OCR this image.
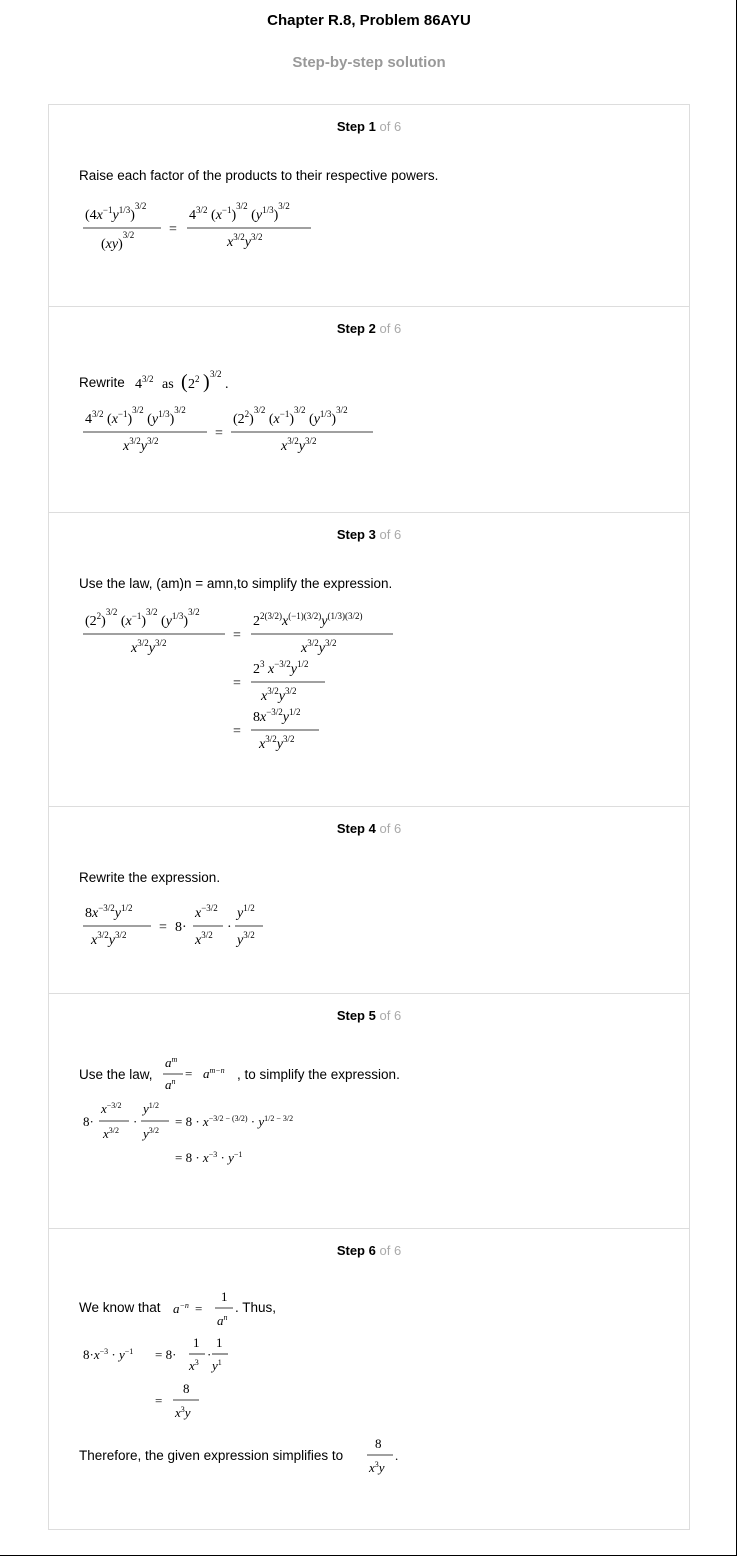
Chapter R.8, Problem 86AYU
Step-by-step solution
Step 1 of 6
Raise each factor of the products to their respective powers.
$(4x^{-1}y^{1/3})^{3/2}$
(xy)$^{3/2}$ =
$4^{3/2}$ $(x^{-1})^{3/2}$ $(y^{1/3})^{3/2}$
$x^{3/2}y^{3/2}$
Step 2 of 6
Rewrite $4^{3/2}$ as ( $2^2$ ) 3/2
.
$4^{3/2}$ $(x^{-1})^{3/2}$ $(y^{1/3})^{3/2}$
$x^{3/2}y^{3/2}$	=
$(2^2)^{3/2}$ $(x^{-1})^{3/2}$ $(y^{1/3})^{3/2}$
$x^{3/2}y^{3/2}$
Step 3 of 6
Use the law, (am)n = amn,to simplify the expression.
$(2^2)^{3/2}$ $(x^{-1})^{3/2}$ $(y^{1/3})^{3/2}$
$x^{3/2}y^{3/2}$	=
$2^{2(3/2)}x^{(-1)(3/2)}y^{(1/3)(3/2)}$
$x^{3/2}y^{3/2}$
=
$2^3$ $x^{-3/2}y^{1/2}$
$x^{3/2}y^{3/2}$
=
$8x^{-3/2}y^{1/2}$
$x^{3/2}y^{3/2}$
Step 4 of 6
Rewrite the expression.
$8x^{-3/2}y^{1/2}$
$x^{3/2}y^{3/2} = 8\cdot$
$x^{-3/2}$
$x^{3/2}$ ·
$y^{1/2}$
$y^{3/2}$
Step 5 of 6
Use the law,
$a^m$
$a^n$
= $a^{m-n}$ , to simplify the expression.
8·
$x^{-3/2}$
$x^{3/2}$
·
$y^{1/2}$
$y^{3/2}$
= $8 \cdot x^{-3/2 - (3/2)} \cdot y^{1/2 - 3/2}$
= $8 \cdot x^{-3} \cdot y^{-1}$
Step 6 of 6
We know that $a^{-n}$ =
1
$a^n$
. Thus,
$8\cdot x^{-3} \cdot y^{-1} = 8\cdot$
1
$x^3$
·
1
$y^1$
=
8
$x^3y$
Therefore, the given expression simplifies to
8
$x^3y$
.
